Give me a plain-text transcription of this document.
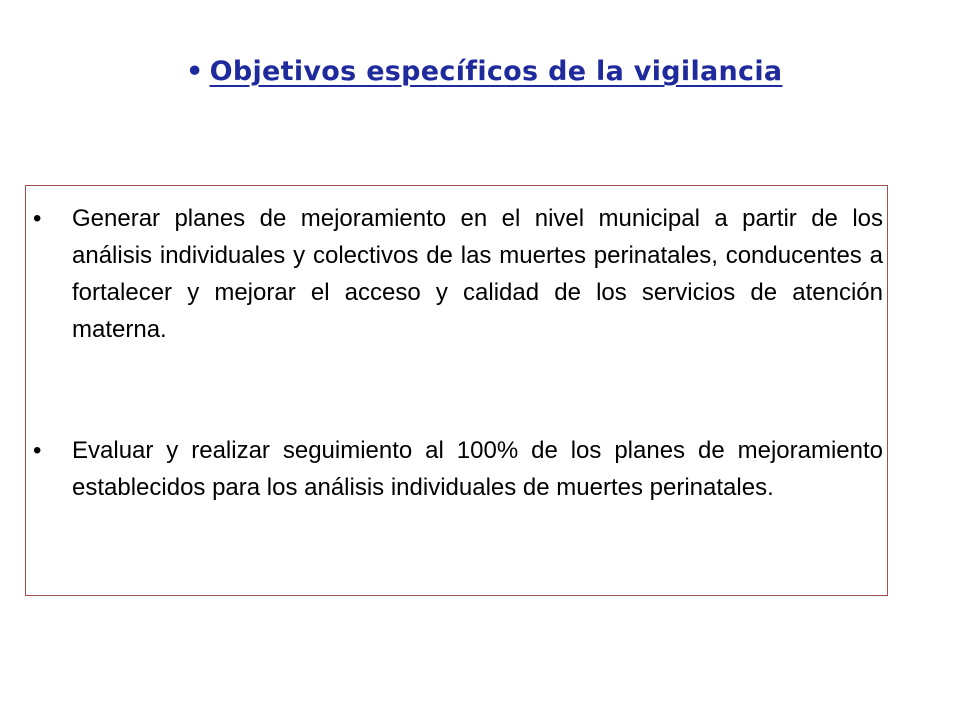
• Objetivos específicos de la vigilancia
•	Generar planes de mejoramiento en el nivel municipal a partir de los análisis individuales y colectivos de las muertes perinatales, conducentes a fortalecer y mejorar el acceso y calidad de los servicios de atención materna.
•	Evaluar y realizar seguimiento al 100% de los planes de mejoramiento establecidos para los análisis individuales de muertes perinatales.
